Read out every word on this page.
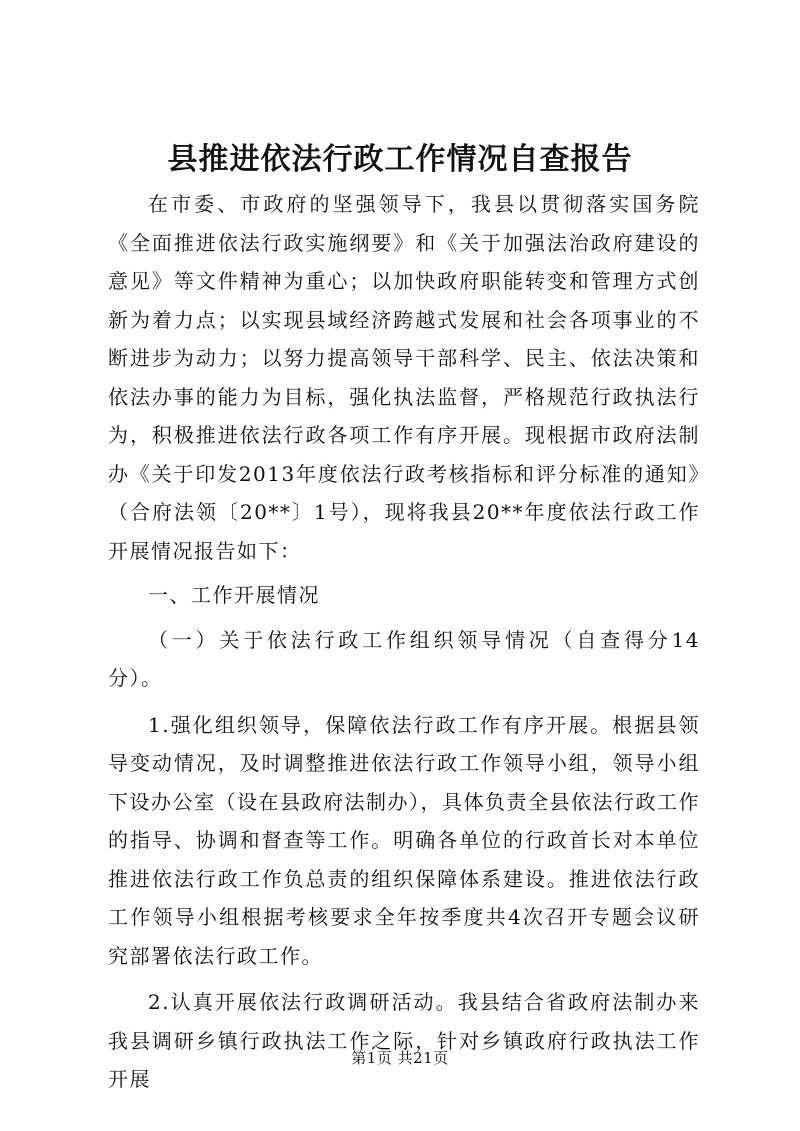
县推进依法行政工作情况自查报告

在市委、市政府的坚强领导下，我县以贯彻落实国务院《全面推进依法行政实施纲要》和《关于加强法治政府建设的意见》等文件精神为重心；以加快政府职能转变和管理方式创新为着力点；以实现县域经济跨越式发展和社会各项事业的不断进步为动力；以努力提高领导干部科学、民主、依法决策和依法办事的能力为目标，强化执法监督，严格规范行政执法行为，积极推进依法行政各项工作有序开展。现根据市政府法制办《关于印发2013年度依法行政考核指标和评分标准的通知》（合府法领〔20**〕1号），现将我县20**年度依法行政工作开展情况报告如下：

一、工作开展情况

（一）关于依法行政工作组织领导情况（自查得分14分）。

1.强化组织领导，保障依法行政工作有序开展。根据县领导变动情况，及时调整推进依法行政工作领导小组，领导小组下设办公室（设在县政府法制办），具体负责全县依法行政工作的指导、协调和督查等工作。明确各单位的行政首长对本单位推进依法行政工作负总责的组织保障体系建设。推进依法行政工作领导小组根据考核要求全年按季度共4次召开专题会议研究部署依法行政工作。

2.认真开展依法行政调研活动。我县结合省政府法制办来我县调研乡镇行政执法工作之际，针对乡镇政府行政执法工作开展

第1页 共21页
